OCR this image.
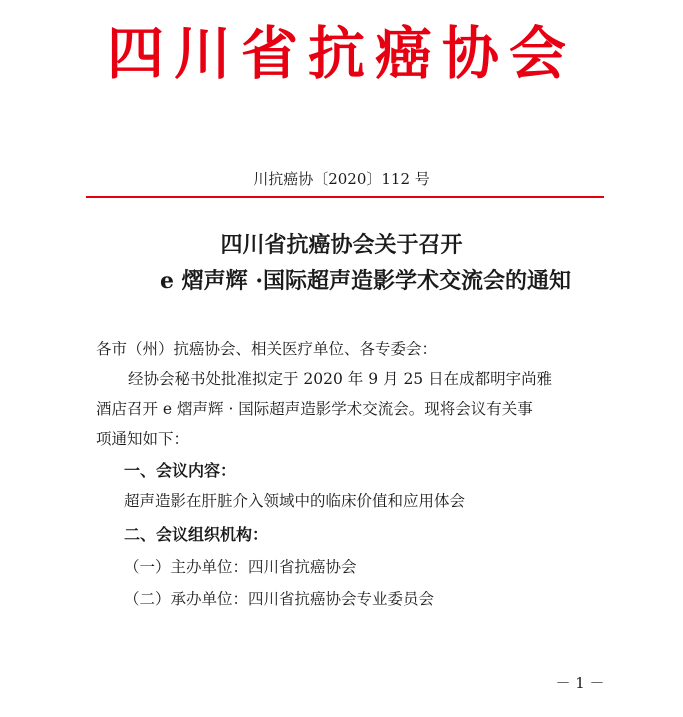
四川省抗癌协会
川抗癌协〔2020〕112 号
四川省抗癌协会关于召开
e 熠声辉 ·国际超声造影学术交流会的通知
各市（州）抗癌协会、相关医疗单位、各专委会：
经协会秘书处批准拟定于 2020 年 9 月 25 日在成都明宇尚雅
酒店召开 e 熠声辉 · 国际超声造影学术交流会。现将会议有关事
项通知如下：
一、会议内容：
超声造影在肝脏介入领域中的临床价值和应用体会
二、会议组织机构：
（一）主办单位：四川省抗癌协会
（二）承办单位：四川省抗癌协会专业委员会
－ 1 －
